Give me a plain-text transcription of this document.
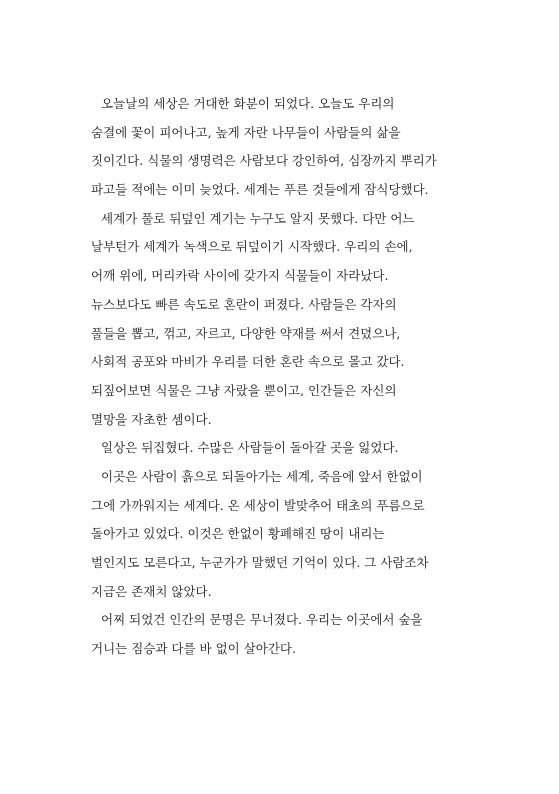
오늘날의 세상은 거대한 화분이 되었다. 오늘도 우리의
숨결에 꽃이 피어나고, 높게 자란 나무들이 사람들의 삶을
짓이긴다. 식물의 생명력은 사람보다 강인하여, 심장까지 뿌리가
파고들 적에는 이미 늦었다. 세계는 푸른 것들에게 잠식당했다.
세계가 풀로 뒤덮인 계기는 누구도 알지 못했다. 다만 어느
날부턴가 세계가 녹색으로 뒤덮이기 시작했다. 우리의 손에,
어깨 위에, 머리카락 사이에 갖가지 식물들이 자라났다.
뉴스보다도 빠른 속도로 혼란이 퍼졌다. 사람들은 각자의
풀들을 뽑고, 꺾고, 자르고, 다양한 약재를 써서 견뎠으나,
사회적 공포와 마비가 우리를 더한 혼란 속으로 몰고 갔다.
되짚어보면 식물은 그냥 자랐을 뿐이고, 인간들은 자신의
멸망을 자초한 셈이다.
일상은 뒤집혔다. 수많은 사람들이 돌아갈 곳을 잃었다.
이곳은 사람이 흙으로 되돌아가는 세계, 죽음에 앞서 한없이
그에 가까워지는 세계다. 온 세상이 발맞추어 태초의 푸름으로
돌아가고 있었다. 이것은 한없이 황폐해진 땅이 내리는
벌인지도 모른다고, 누군가가 말했던 기억이 있다. 그 사람조차
지금은 존재치 않았다.
어찌 되었건 인간의 문명은 무너졌다. 우리는 이곳에서 숲을
거니는 짐승과 다를 바 없이 살아간다.
